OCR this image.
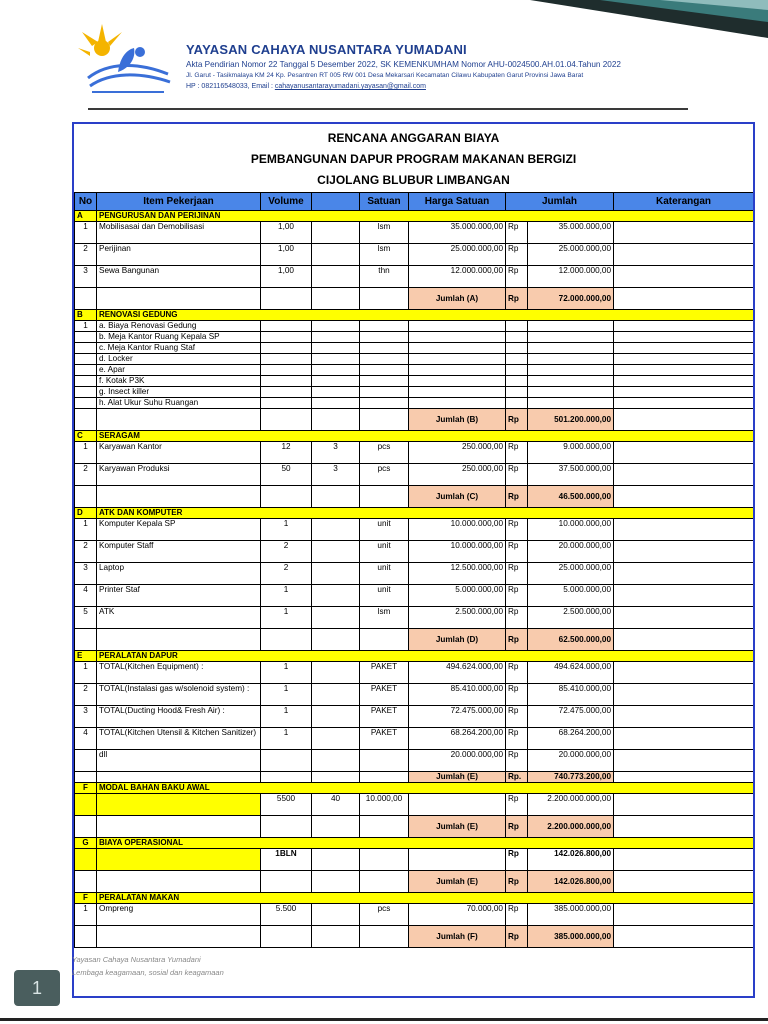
YAYASAN CAHAYA NUSANTARA YUMADANI
Akta Pendirian Nomor 22 Tanggal 5 Desember 2022, SK KEMENKUMHAM Nomor AHU-0024500.AH.01.04.Tahun 2022
Jl. Garut - Tasikmalaya KM 24 Kp. Pesantren RT 005 RW 001 Desa Mekarsari Kecamatan Cilawu Kabupaten Garut Provinsi Jawa Barat
HP : 082116548033, Email : cahayanusantarayumadani.yayasan@gmail.com
RENCANA ANGGARAN BIAYA
PEMBANGUNAN DAPUR PROGRAM MAKANAN BERGIZI
CIJOLANG BLUBUR LIMBANGAN
No	Item Pekerjaan	Volume		Satuan	Harga Satuan	Jumlah		Katerangan
A	PENGURUSAN DAN PERIJINAN							
1	Mobilisasai dan Demobilisasi	1,00		lsm	35.000.000,00	Rp	35.000.000,00	
2	Perijinan	1,00		lsm	25.000.000,00	Rp	25.000.000,00	
3	Sewa Bangunan	1,00		thn	12.000.000,00	Rp	12.000.000,00	
					Jumlah (A)	Rp	72.000.000,00	
B	RENOVASI GEDUNG							
1	a. Biaya Renovasi Gedung							
	b. Meja Kantor Ruang Kepala SP							
	c. Meja Kantor Ruang Staf							
	d. Locker							
	e. Apar							
	f. Kotak P3K							
	g. Insect killer							
	h. Alat Ukur Suhu Ruangan							
					Jumlah (B)	Rp	501.200.000,00	
C	SERAGAM							
1	Karyawan Kantor	12	3	pcs	250.000,00	Rp	9.000.000,00	
2	Karyawan Produksi	50	3	pcs	250.000,00	Rp	37.500.000,00	
					Jumlah (C)	Rp	46.500.000,00	
D	ATK DAN KOMPUTER							
1	Komputer Kepala SP	1		unit	10.000.000,00	Rp	10.000.000,00	
2	Komputer Staff	2		unit	10.000.000,00	Rp	20.000.000,00	
3	Laptop	2		unit	12.500.000,00	Rp	25.000.000,00	
4	Printer Staf	1		unit	5.000.000,00	Rp	5.000.000,00	
5	ATK	1		lsm	2.500.000,00	Rp	2.500.000,00	
					Jumlah (D)	Rp	62.500.000,00	
E	PERALATAN DAPUR							
1	TOTAL(Kitchen Equipment) :	1		PAKET	494.624.000,00	Rp	494.624.000,00	
2	TOTAL(Instalasi gas w/solenoid system) :	1		PAKET	85.410.000,00	Rp	85.410.000,00	
3	TOTAL(Ducting Hood& Fresh Air) :	1		PAKET	72.475.000,00	Rp	72.475.000,00	
4	TOTAL(Kitchen Utensil & Kitchen Sanitizer)	1		PAKET	68.264.200,00	Rp	68.264.200,00	
	dll				20.000.000,00	Rp	20.000.000,00	
					Jumlah (E)	Rp.	740.773.200,00	
F	MODAL BAHAN BAKU AWAL							
		5500	40	10.000,00		Rp	2.200.000.000,00	
					Jumlah (E)	Rp	2.200.000.000,00	
G	BIAYA OPERASIONAL							
		1BLN				Rp	142.026.800,00	
					Jumlah (E)	Rp	142.026.800,00	
F	PERALATAN MAKAN							
1	Ompreng	5.500		pcs	70.000,00	Rp	385.000.000,00	
					Jumlah (F)	Rp	385.000.000,00	
Yayasan Cahaya Nusantara Yumadani
Lembaga keagamaan, sosial dan keagamaan
1
